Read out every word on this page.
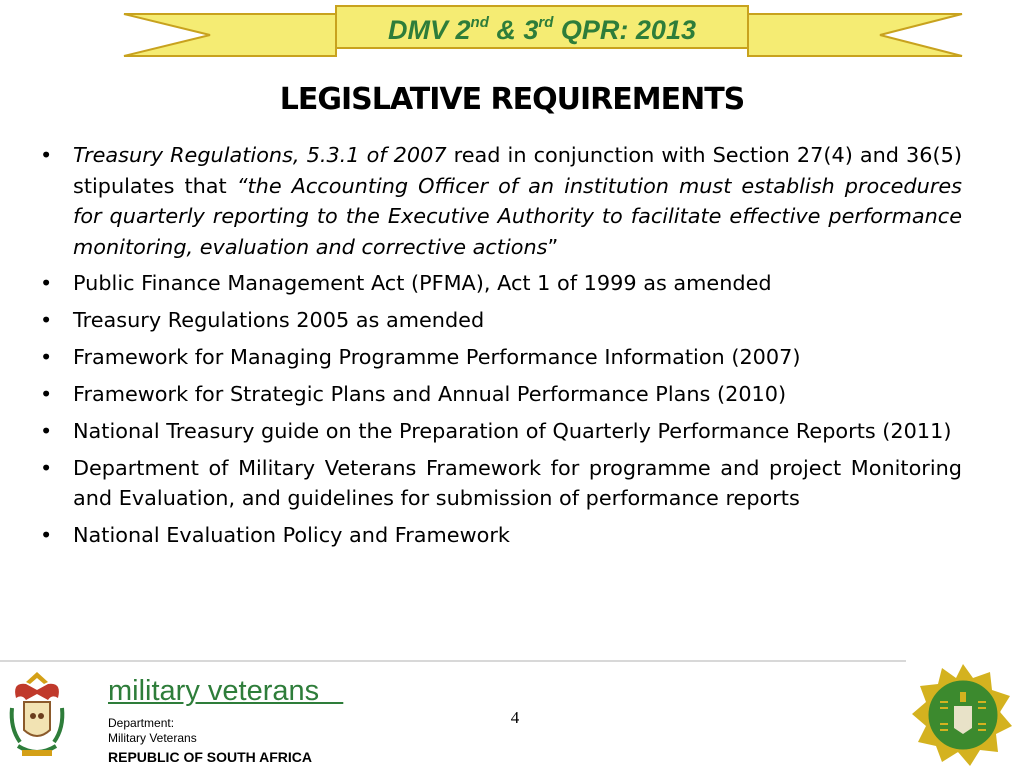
DMV 2nd & 3rd QPR: 2013
LEGISLATIVE REQUIREMENTS
• Treasury Regulations, 5.3.1 of 2007 read in conjunction with Section 27(4) and 36(5) stipulates that “the Accounting Officer of an institution must establish procedures for quarterly reporting to the Executive Authority to facilitate effective performance monitoring, evaluation and corrective actions”
• Public Finance Management Act (PFMA), Act 1 of 1999 as amended
• Treasury Regulations 2005 as amended
• Framework for Managing Programme Performance Information (2007)
• Framework for Strategic Plans and Annual Performance Plans (2010)
• National Treasury guide on the Preparation of Quarterly Performance Reports (2011)
• Department of Military Veterans Framework for programme and project Monitoring and Evaluation, and guidelines for submission of performance reports
• National Evaluation Policy and Framework
military veterans
Department:
Military Veterans
REPUBLIC OF SOUTH AFRICA
4
